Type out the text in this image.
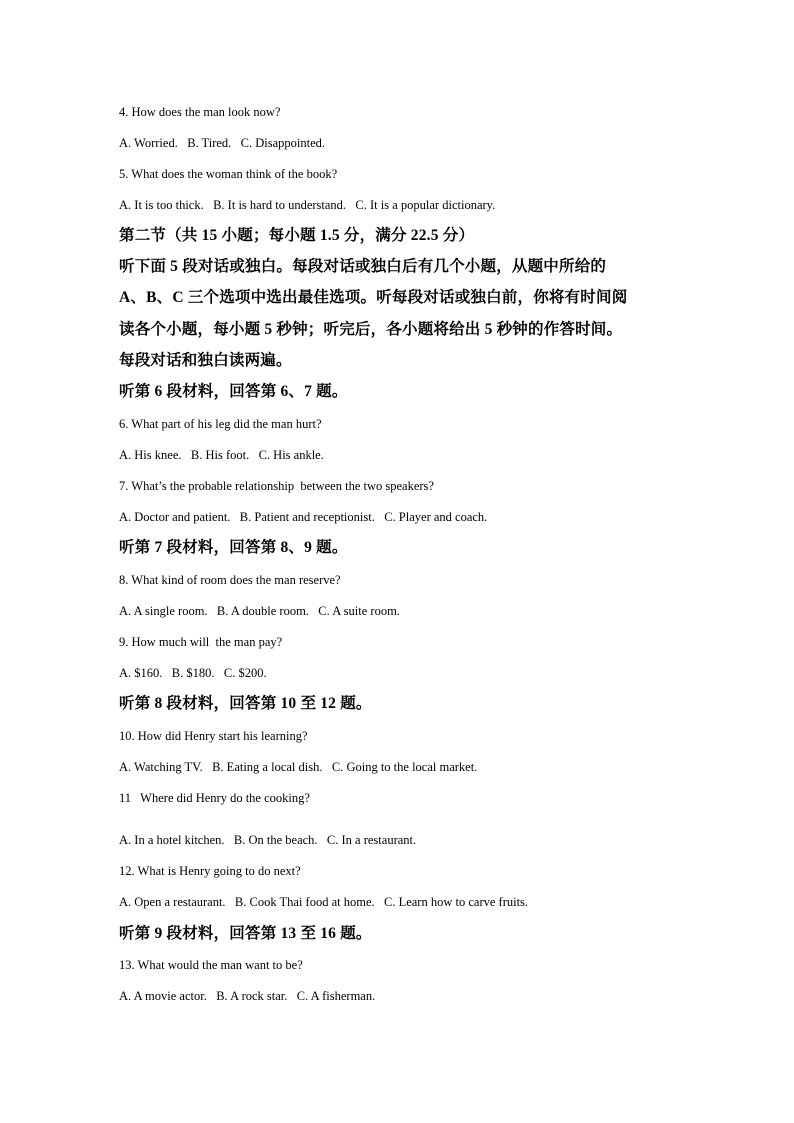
4. How does the man look now?

A. Worried.   B. Tired.   C. Disappointed.

5. What does the woman think of the book?

A. It is too thick.   B. It is hard to understand.   C. It is a popular dictionary.

第二节（共 15 小题；每小题 1.5 分，满分 22.5 分）

听下面 5 段对话或独白。每段对话或独白后有几个小题，从题中所给的

A、B、C 三个选项中选出最佳选项。听每段对话或独白前，你将有时间阅

读各个小题，每小题 5 秒钟；听完后，各小题将给出 5 秒钟的作答时间。

每段对话和独白读两遍。

听第 6 段材料，回答第 6、7 题。

6. What part of his leg did the man hurt?

A. His knee.   B. His foot.   C. His ankle.

7. What’s the probable relationship  between the two speakers?

A. Doctor and patient.   B. Patient and receptionist.   C. Player and coach.

听第 7 段材料，回答第 8、9 题。

8. What kind of room does the man reserve?

A. A single room.   B. A double room.   C. A suite room.

9. How much will  the man pay?

A. $160.   B. $180.   C. $200.

听第 8 段材料，回答第 10 至 12 题。

10. How did Henry start his learning?

A. Watching TV.   B. Eating a local dish.   C. Going to the local market.

11   Where did Henry do the cooking?

A. In a hotel kitchen.   B. On the beach.   C. In a restaurant.

12. What is Henry going to do next?

A. Open a restaurant.   B. Cook Thai food at home.   C. Learn how to carve fruits.

听第 9 段材料，回答第 13 至 16 题。

13. What would the man want to be?

A. A movie actor.   B. A rock star.   C. A fisherman.
